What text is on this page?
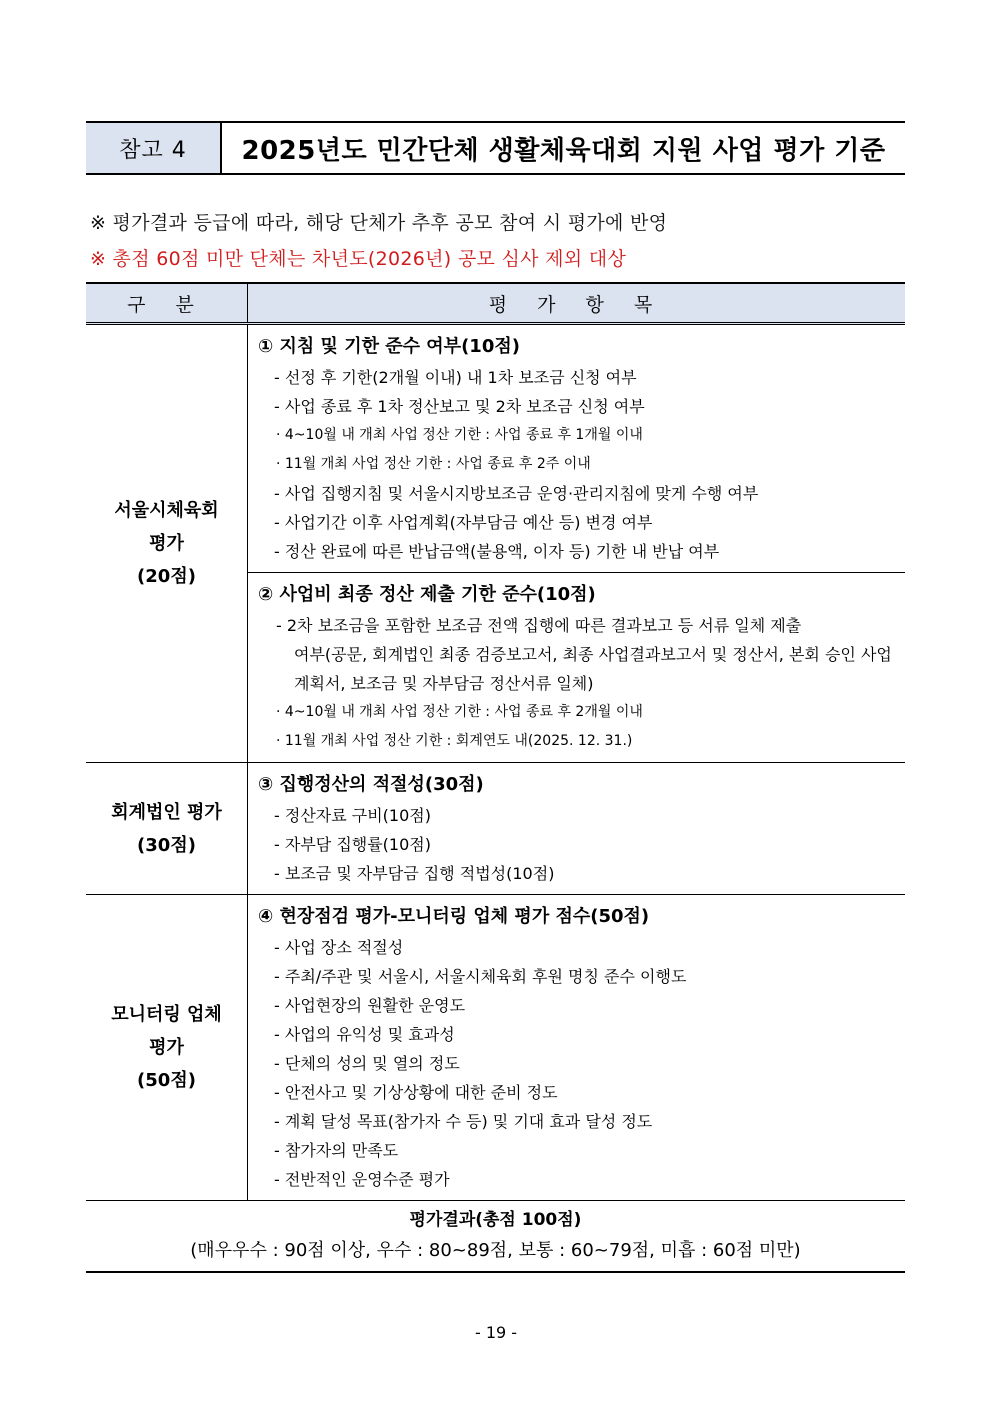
참고 4	2025년도 민간단체 생활체육대회 지원 사업 평가 기준
※ 평가결과 등급에 따라, 해당 단체가 추후 공모 참여 시 평가에 반영
※ 총점 60점 미만 단체는 차년도(2026년) 공모 심사 제외 대상
구 분	평 가 항 목
서울시체육회
평가
(20점)
① 지침 및 기한 준수 여부(10점)
- 선정 후 기한(2개월 이내) 내 1차 보조금 신청 여부
- 사업 종료 후 1차 정산보고 및 2차 보조금 신청 여부
· 4~10월 내 개최 사업 정산 기한 : 사업 종료 후 1개월 이내
· 11월 개최 사업 정산 기한 : 사업 종료 후 2주 이내
- 사업 집행지침 및 서울시지방보조금 운영·관리지침에 맞게 수행 여부
- 사업기간 이후 사업계획(자부담금 예산 등) 변경 여부
- 정산 완료에 따른 반납금액(불용액, 이자 등) 기한 내 반납 여부
② 사업비 최종 정산 제출 기한 준수(10점)
- 2차 보조금을 포함한 보조금 전액 집행에 따른 결과보고 등 서류 일체 제출
여부(공문, 회계법인 최종 검증보고서, 최종 사업결과보고서 및 정산서, 본회 승인 사업계획서, 보조금 및 자부담금 정산서류 일체)
· 4~10월 내 개최 사업 정산 기한 : 사업 종료 후 2개월 이내
· 11월 개최 사업 정산 기한 : 회계연도 내(2025. 12. 31.)
회계법인 평가
(30점)
③ 집행정산의 적절성(30점)
- 정산자료 구비(10점)
- 자부담 집행률(10점)
- 보조금 및 자부담금 집행 적법성(10점)
모니터링 업체
평가
(50점)
④ 현장점검 평가-모니터링 업체 평가 점수(50점)
- 사업 장소 적절성
- 주최/주관 및 서울시, 서울시체육회 후원 명칭 준수 이행도
- 사업현장의 원활한 운영도
- 사업의 유익성 및 효과성
- 단체의 성의 및 열의 정도
- 안전사고 및 기상상황에 대한 준비 정도
- 계획 달성 목표(참가자 수 등) 및 기대 효과 달성 정도
- 참가자의 만족도
- 전반적인 운영수준 평가
평가결과(총점 100점)
(매우우수 : 90점 이상, 우수 : 80~89점, 보통 : 60~79점, 미흡 : 60점 미만)
- 19 -
